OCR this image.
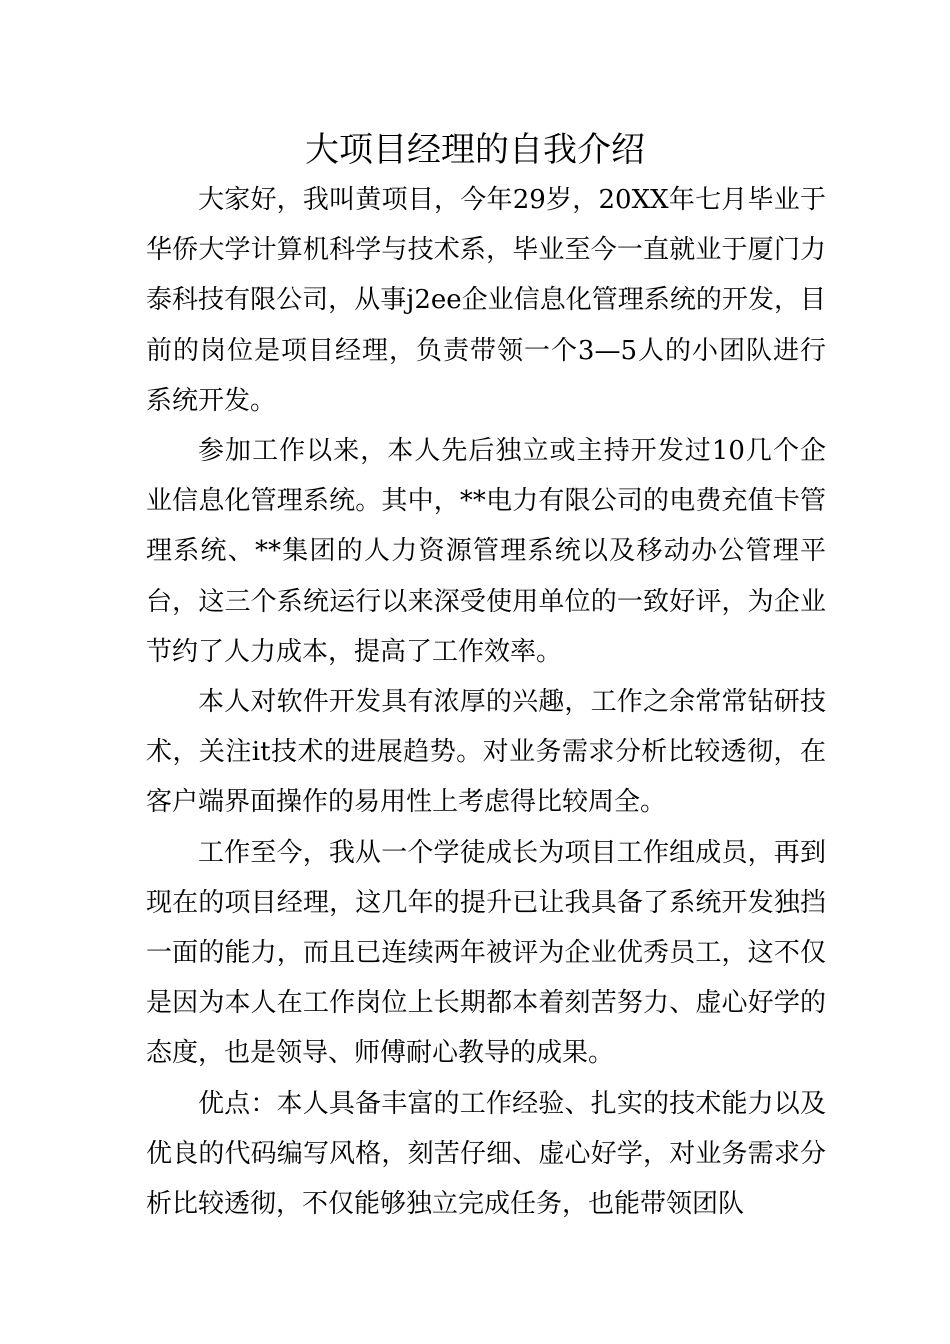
大项目经理的自我介绍

大家好，我叫黄项目，今年29岁，20XX年七月毕业于华侨大学计算机科学与技术系，毕业至今一直就业于厦门力泰科技有限公司，从事j2ee企业信息化管理系统的开发，目前的岗位是项目经理，负责带领一个3—5人的小团队进行系统开发。

参加工作以来，本人先后独立或主持开发过10几个企业信息化管理系统。其中，**电力有限公司的电费充值卡管理系统、**集团的人力资源管理系统以及移动办公管理平台，这三个系统运行以来深受使用单位的一致好评，为企业节约了人力成本，提高了工作效率。

本人对软件开发具有浓厚的兴趣，工作之余常常钻研技术，关注it技术的进展趋势。对业务需求分析比较透彻，在客户端界面操作的易用性上考虑得比较周全。

工作至今，我从一个学徒成长为项目工作组成员，再到现在的项目经理，这几年的提升已让我具备了系统开发独挡一面的能力，而且已连续两年被评为企业优秀员工，这不仅是因为本人在工作岗位上长期都本着刻苦努力、虚心好学的态度，也是领导、师傅耐心教导的成果。

优点：本人具备丰富的工作经验、扎实的技术能力以及优良的代码编写风格，刻苦仔细、虚心好学，对业务需求分析比较透彻，不仅能够独立完成任务，也能带领团队
